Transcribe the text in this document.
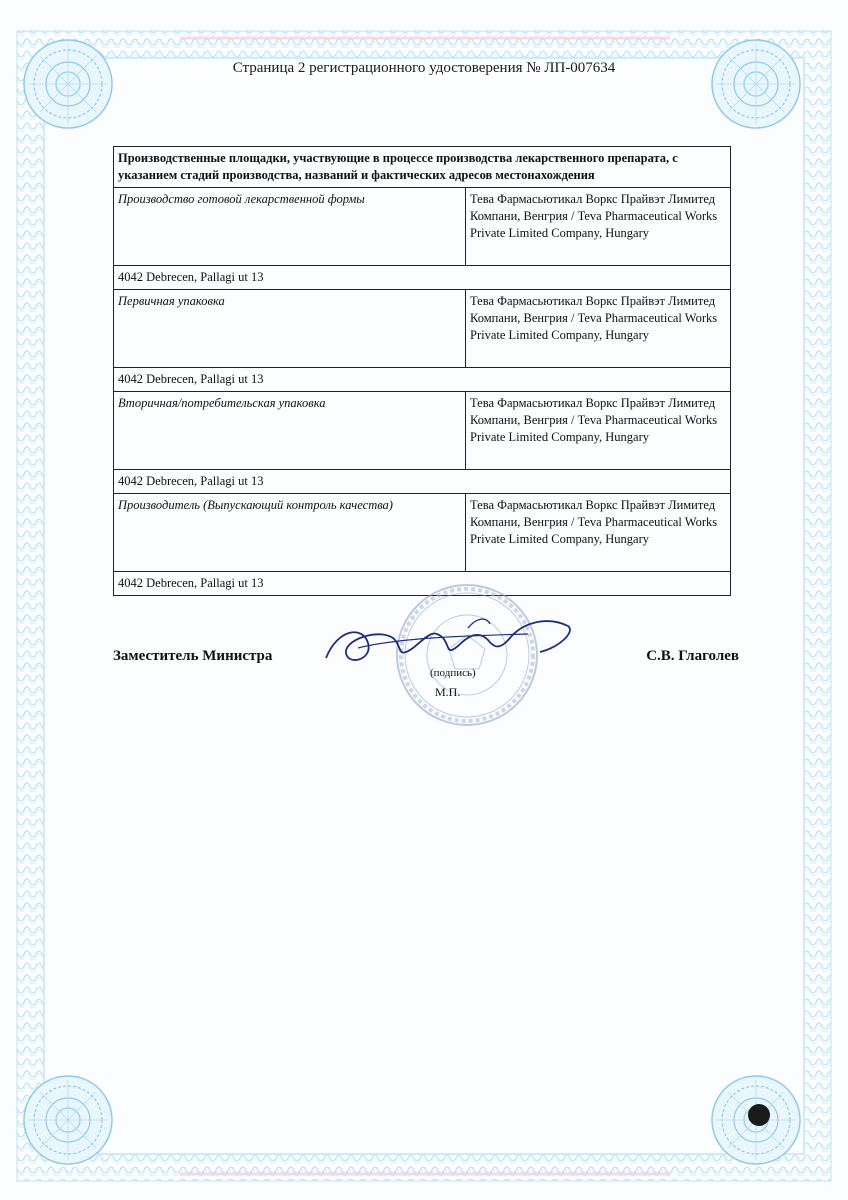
Страница 2 регистрационного удостоверения № ЛП-007634
Производственные площадки, участвующие в процессе производства лекарственного препарата, с указанием стадий производства, названий и фактических адресов местонахождения	
Производство готовой лекарственной формы	Тева Фармасьютикал Воркс Прайвэт Лимитед Компани, Венгрия / Teva Pharmaceutical Works Private Limited Company, Hungary
4042 Debrecen, Pallagi ut 13	
Первичная упаковка	Тева Фармасьютикал Воркс Прайвэт Лимитед Компани, Венгрия / Teva Pharmaceutical Works Private Limited Company, Hungary
4042 Debrecen, Pallagi ut 13	
Вторичная/потребительская упаковка	Тева Фармасьютикал Воркс Прайвэт Лимитед Компани, Венгрия / Teva Pharmaceutical Works Private Limited Company, Hungary
4042 Debrecen, Pallagi ut 13	
Производитель (Выпускающий контроль качества)	Тева Фармасьютикал Воркс Прайвэт Лимитед Компани, Венгрия / Teva Pharmaceutical Works Private Limited Company, Hungary
4042 Debrecen, Pallagi ut 13	
Заместитель Министра
(подпись)
М.П.
С.В. Глаголев
